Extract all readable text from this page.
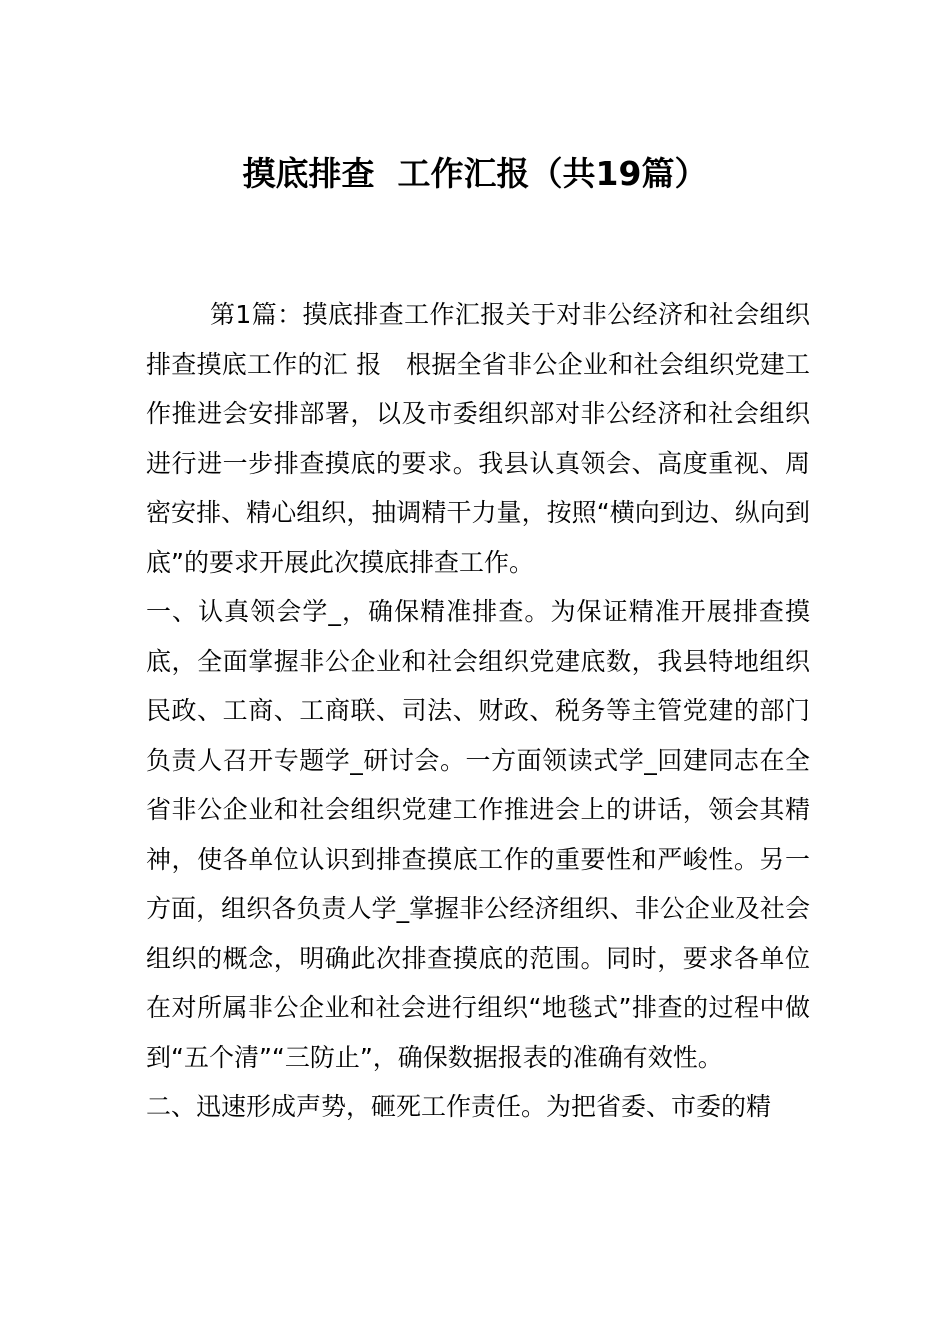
摸底排查  工作汇报（共19篇）

第1篇：摸底排查工作汇报关于对非公经济和社会组织排查摸底工作的汇 报   根据全省非公企业和社会组织党建工作推进会安排部署，以及市委组织部对非公经济和社会组织进行进一步排查摸底的要求。我县认真领会、高度重视、周密安排、精心组织，抽调精干力量，按照“横向到边、纵向到底”的要求开展此次摸底排查工作。

一、认真领会学_，确保精准排查。为保证精准开展排查摸底，全面掌握非公企业和社会组织党建底数，我县特地组织民政、工商、工商联、司法、财政、税务等主管党建的部门负责人召开专题学_研讨会。一方面领读式学_回建同志在全省非公企业和社会组织党建工作推进会上的讲话，领会其精神，使各单位认识到排查摸底工作的重要性和严峻性。另一方面，组织各负责人学_掌握非公经济组织、非公企业及社会组织的概念，明确此次排查摸底的范围。同时，要求各单位在对所属非公企业和社会进行组织“地毯式”排查的过程中做到“五个清”“三防止”，确保数据报表的准确有效性。

二、迅速形成声势，砸死工作责任。为把省委、市委的精
